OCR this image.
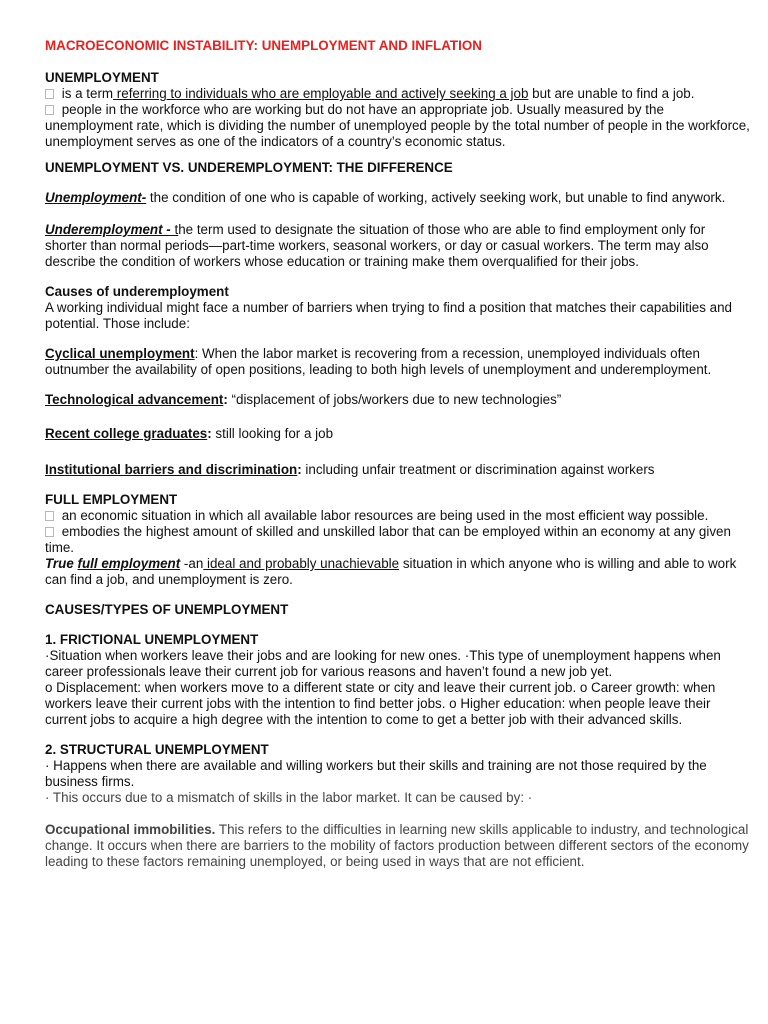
MACROECONOMIC INSTABILITY: UNEMPLOYMENT AND INFLATION

UNEMPLOYMENT

is a term referring to individuals who are employable and actively seeking a job but are unable to find a job.

people in the workforce who are working but do not have an appropriate job. Usually measured by the unemployment rate, which is dividing the number of unemployed people by the total number of people in the workforce, unemployment serves as one of the indicators of a country’s economic status.

UNEMPLOYMENT VS. UNDEREMPLOYMENT: THE DIFFERENCE

Unemployment- the condition of one who is capable of working, actively seeking work, but unable to find anywork.

Underemployment - the term used to designate the situation of those who are able to find employment only for shorter than normal periods—part-time workers, seasonal workers, or day or casual workers. The term may also describe the condition of workers whose education or training make them overqualified for their jobs.

Causes of underemployment

A working individual might face a number of barriers when trying to find a position that matches their capabilities and potential. Those include:

Cyclical unemployment: When the labor market is recovering from a recession, unemployed individuals often outnumber the availability of open positions, leading to both high levels of unemployment and underemployment.

Technological advancement: “displacement of jobs/workers due to new technologies”

Recent college graduates: still looking for a job

Institutional barriers and discrimination: including unfair treatment or discrimination against workers

FULL EMPLOYMENT

an economic situation in which all available labor resources are being used in the most efficient way possible.

embodies the highest amount of skilled and unskilled labor that can be employed within an economy at any given time.

True full employment -an ideal and probably unachievable situation in which anyone who is willing and able to work can find a job, and unemployment is zero.

CAUSES/TYPES OF UNEMPLOYMENT

1. FRICTIONAL UNEMPLOYMENT

·Situation when workers leave their jobs and are looking for new ones. ·This type of unemployment happens when career professionals leave their current job for various reasons and haven’t found a new job yet.

o Displacement: when workers move to a different state or city and leave their current job. o Career growth: when workers leave their current jobs with the intention to find better jobs. o Higher education: when people leave their current jobs to acquire a high degree with the intention to come to get a better job with their advanced skills.

2. STRUCTURAL UNEMPLOYMENT

· Happens when there are available and willing workers but their skills and training are not those required by the business firms.

· This occurs due to a mismatch of skills in the labor market. It can be caused by: ·

Occupational immobilities. This refers to the difficulties in learning new skills applicable to industry, and technological change. It occurs when there are barriers to the mobility of factors production between different sectors of the economy leading to these factors remaining unemployed, or being used in ways that are not efficient.
